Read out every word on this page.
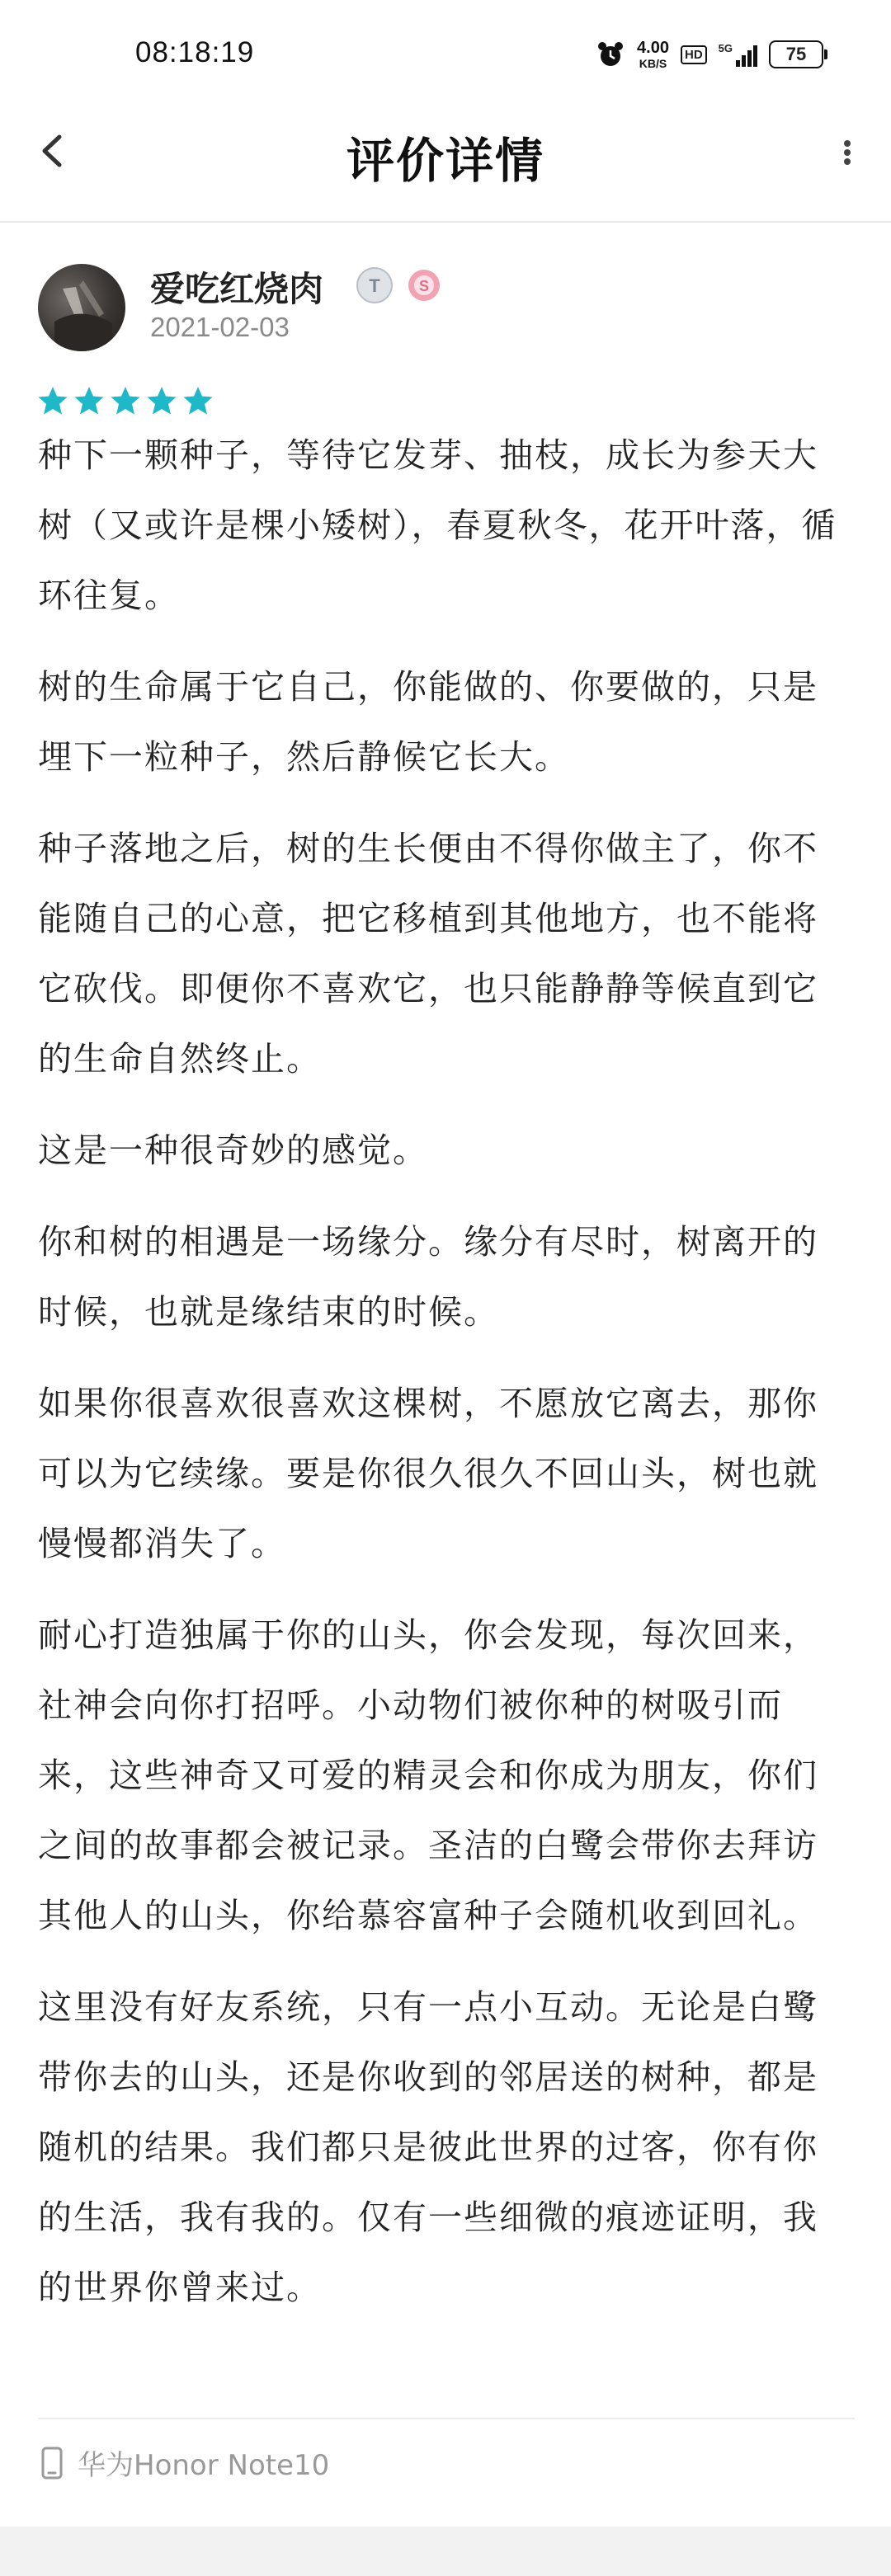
08:18:19	4.00
KB/S
HD	5G	75
评价详情
爱吃红烧肉	T	S
2021-02-03

种下一颗种子，等待它发芽、抽枝，成长为参天大树（又或许是棵小矮树），春夏秋冬，花开叶落，循环往复。

树的生命属于它自己，你能做的、你要做的，只是埋下一粒种子，然后静候它长大。

种子落地之后，树的生长便由不得你做主了，你不能随自己的心意，把它移植到其他地方，也不能将它砍伐。即便你不喜欢它，也只能静静等候直到它的生命自然终止。

这是一种很奇妙的感觉。

你和树的相遇是一场缘分。缘分有尽时，树离开的时候，也就是缘结束的时候。

如果你很喜欢很喜欢这棵树，不愿放它离去，那你可以为它续缘。要是你很久很久不回山头，树也就慢慢都消失了。

耐心打造独属于你的山头，你会发现，每次回来，社神会向你打招呼。小动物们被你种的树吸引而来，这些神奇又可爱的精灵会和你成为朋友，你们之间的故事都会被记录。圣洁的白鹭会带你去拜访其他人的山头，你给慕容富种子会随机收到回礼。

这里没有好友系统，只有一点小互动。无论是白鹭带你去的山头，还是你收到的邻居送的树种，都是随机的结果。我们都只是彼此世界的过客，你有你的生活，我有我的。仅有一些细微的痕迹证明，我的世界你曾来过。

华为Honor Note10
